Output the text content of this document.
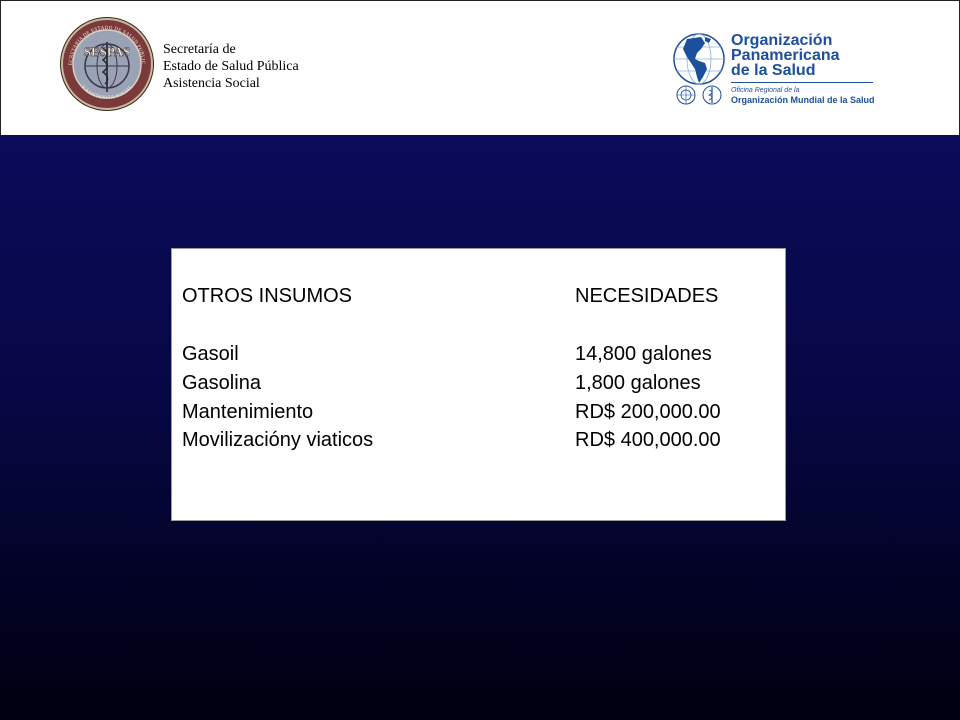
SESPAS
ECRETARIA DE ESTADO DE SALUD PUBLIC
Y ASISTENCIA SOCIAL
Secretaría de
Estado de Salud Pública
Asistencia Social
Organización
Panamericana
de la Salud
Oficina Regional de la
Organización Mundial de la Salud
OTROS INSUMOS	NECESIDADES
Gasoil	14,800 galones
Gasolina	1,800 galones
Mantenimiento	RD$ 200,000.00
Movilizacióny viaticos	RD$ 400,000.00
